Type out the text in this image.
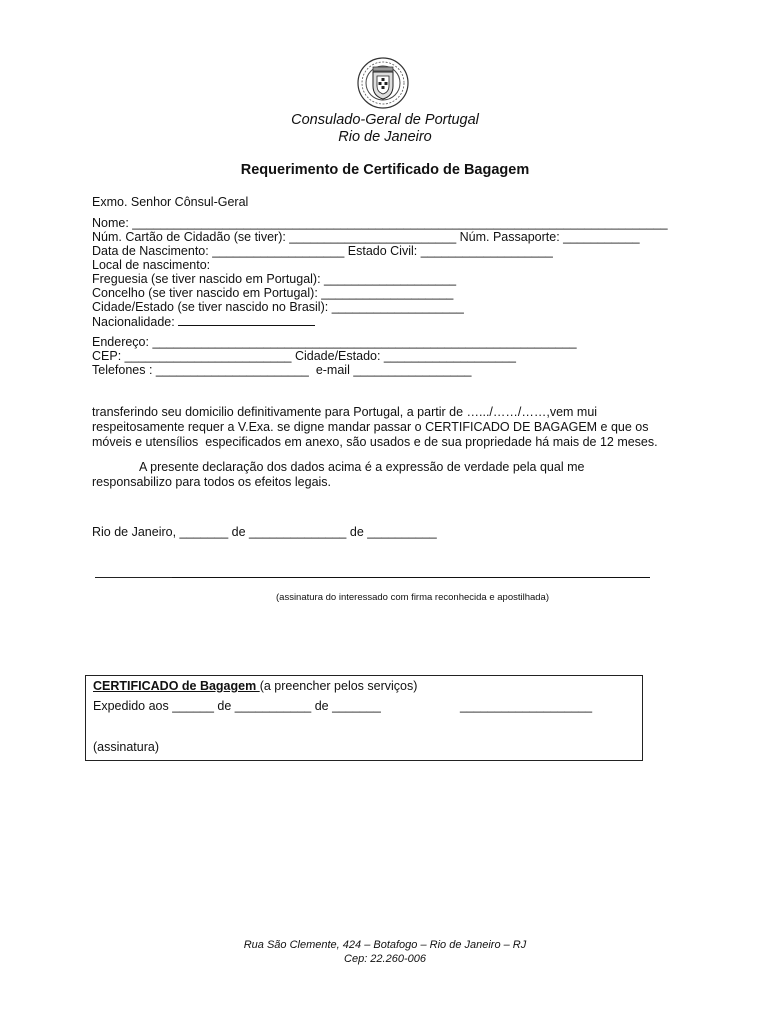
Consulado-Geral de Portugal
Rio de Janeiro
Requerimento de Certificado de Bagagem
Exmo. Senhor Cônsul-Geral
Nome: _____________________________________________________________________________
Núm. Cartão de Cidadão (se tiver): ________________________ Núm. Passaporte: ___________
Data de Nascimento: ___________________ Estado Civil: ___________________
Local de nascimento:
Freguesia (se tiver nascido em Portugal): ___________________
Concelho (se tiver nascido em Portugal): ___________________
Cidade/Estado (se tiver nascido no Brasil): ___________________
Nacionalidade:
Endereço: _____________________________________________________________
CEP: ________________________ Cidade/Estado: ___________________
Telefones : ______________________  e-mail _________________

transferindo seu domicilio definitivamente para Portugal, a partir de ….../……/……,vem mui
respeitosamente requer a V.Exa. se digne mandar passar o CERTIFICADO DE BAGAGEM e que os
móveis e utensílios  especificados em anexo, são usados e de sua propriedade há mais de 12 meses.
A presente declaração dos dados acima é a expressão de verdade pela qual me
responsabilizo para todos os efeitos legais.
Rio de Janeiro, _______ de ______________ de __________
(assinatura do interessado com firma reconhecida e apostilhada)
CERTIFICADO de Bagagem (a preencher pelos serviços)
Expedido aos ______ de ___________ de _______	___________________
(assinatura)
Rua São Clemente, 424 – Botafogo – Rio de Janeiro – RJ
Cep: 22.260-006
